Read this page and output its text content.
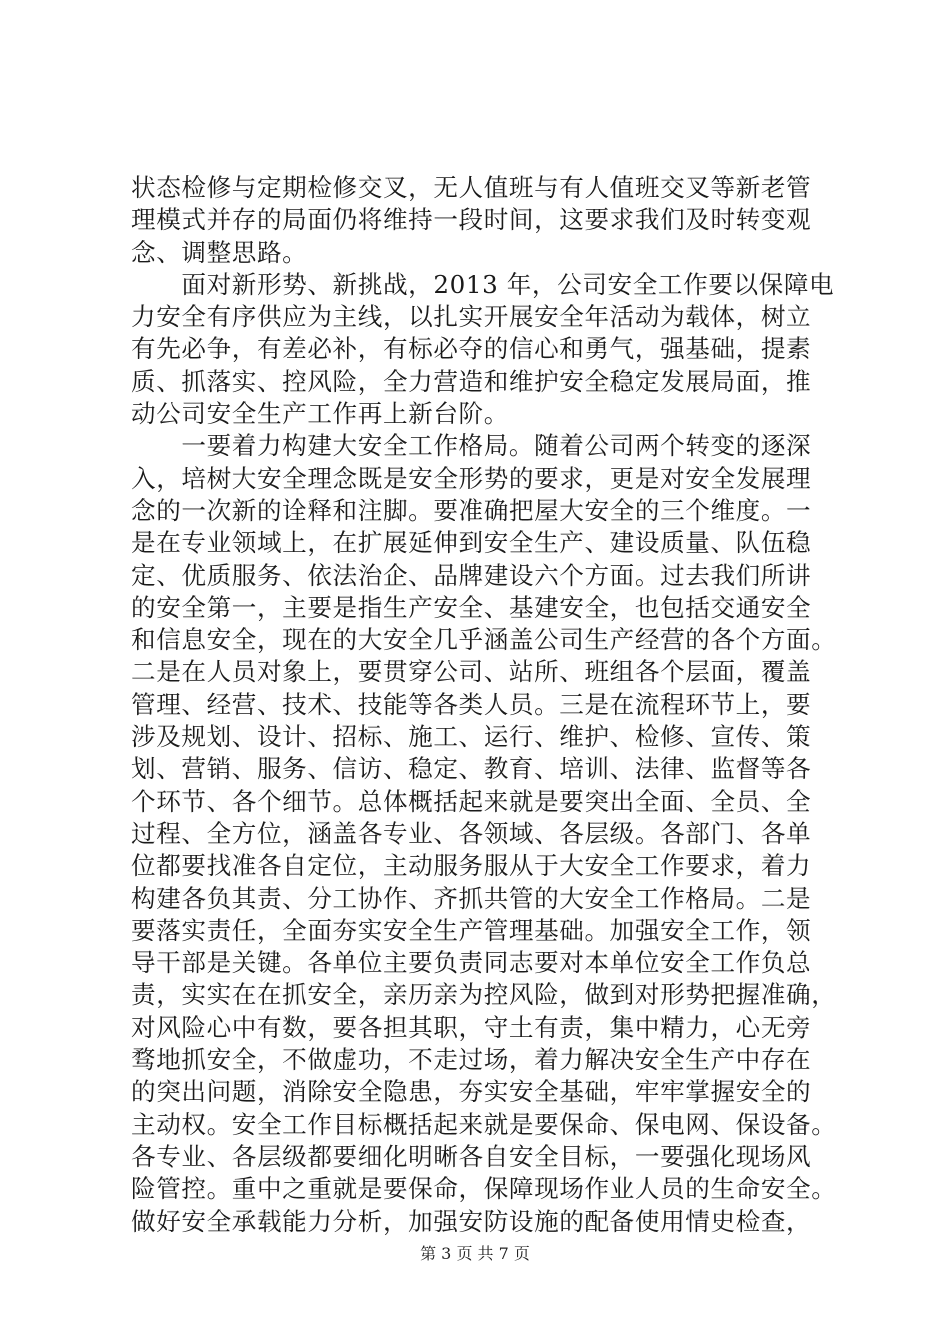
状态检修与定期检修交叉，无人值班与有人值班交叉等新老管
理模式并存的局面仍将维持一段时间，这要求我们及时转变观
念、调整思路。
　　面对新形势、新挑战，2013 年，公司安全工作要以保障电
力安全有序供应为主线，以扎实开展安全年活动为载体，树立
有先必争，有差必补，有标必夺的信心和勇气，强基础，提素
质、抓落实、控风险，全力营造和维护安全稳定发展局面，推
动公司安全生产工作再上新台阶。
　　一要着力构建大安全工作格局。随着公司两个转变的逐深
入，培树大安全理念既是安全形势的要求，更是对安全发展理
念的一次新的诠释和注脚。要准确把屋大安全的三个维度。一
是在专业领域上，在扩展延伸到安全生产、建设质量、队伍稳
定、优质服务、依法治企、品牌建设六个方面。过去我们所讲
的安全第一，主要是指生产安全、基建安全，也包括交通安全
和信息安全，现在的大安全几乎涵盖公司生产经营的各个方面。
二是在人员对象上，要贯穿公司、站所、班组各个层面，覆盖
管理、经营、技术、技能等各类人员。三是在流程环节上，要
涉及规划、设计、招标、施工、运行、维护、检修、宣传、策
划、营销、服务、信访、稳定、教育、培训、法律、监督等各
个环节、各个细节。总体概括起来就是要突出全面、全员、全
过程、全方位，涵盖各专业、各领域、各层级。各部门、各单
位都要找准各自定位，主动服务服从于大安全工作要求，着力
构建各负其责、分工协作、齐抓共管的大安全工作格局。二是
要落实责任，全面夯实安全生产管理基础。加强安全工作，领
导干部是关键。各单位主要负责同志要对本单位安全工作负总
责，实实在在抓安全，亲历亲为控风险，做到对形势把握准确，
对风险心中有数，要各担其职，守土有责，集中精力，心无旁
骛地抓安全，不做虚功，不走过场，着力解决安全生产中存在
的突出问题，消除安全隐患，夯实安全基础，牢牢掌握安全的
主动权。安全工作目标概括起来就是要保命、保电网、保设备。
各专业、各层级都要细化明晰各自安全目标，一要强化现场风
险管控。重中之重就是要保命，保障现场作业人员的生命安全。
做好安全承载能力分析，加强安防设施的配备使用情史检查，
第 3 页 共 7 页
